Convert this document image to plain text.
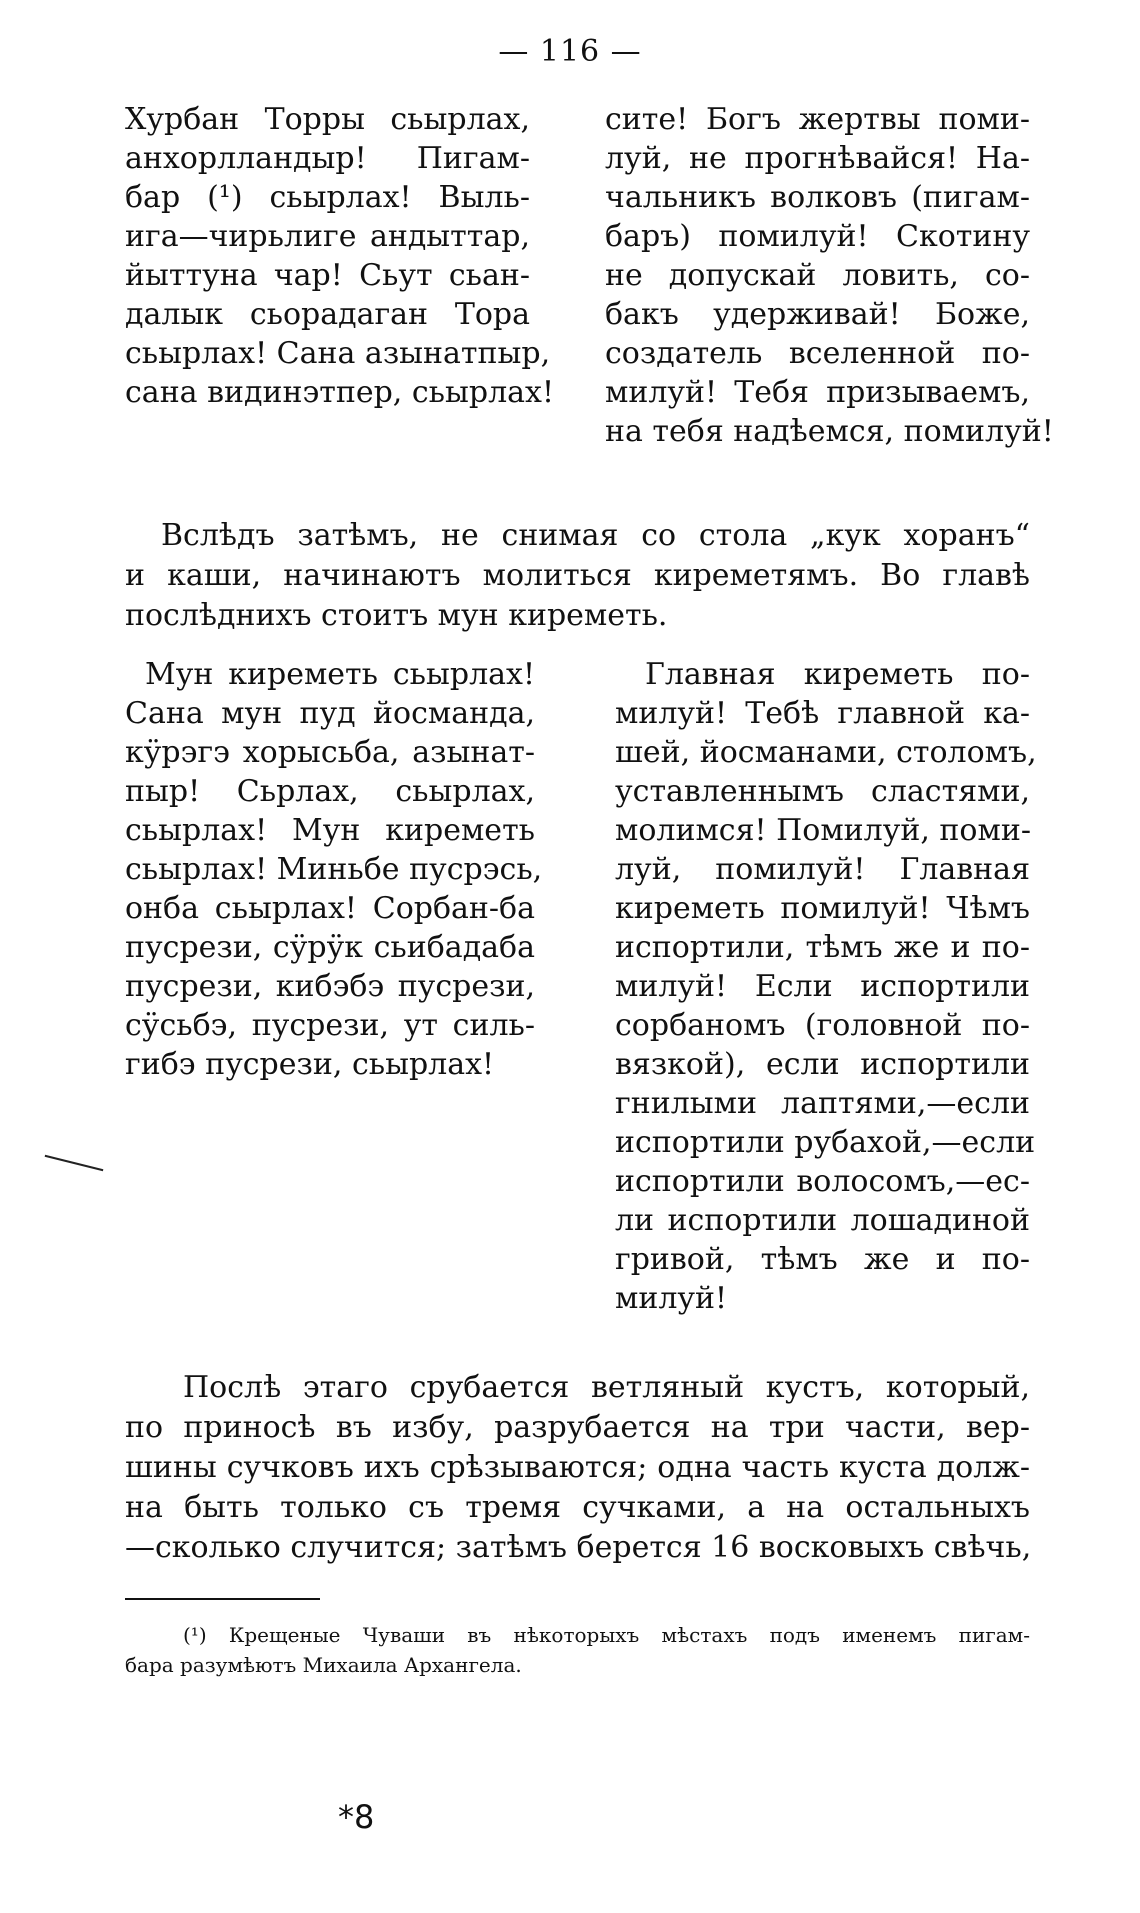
— 116 —
Хурбан Торры сьырлах,
анхорлландыр! Пигам-
бар (¹) сьырлах! Выль-
ига—чирьлиге андыттар,
йыттуна чар! Сьут сьан-
далык сьорадаган Тора
сьырлах! Сана азынатпыр,
сана видинэтпер, сьырлах!
сите! Богъ жертвы поми-
луй, не прогнѣвайся! На-
чальникъ волковъ (пигам-
баръ) помилуй! Скотину
не допускай ловить, со-
бакъ удерживай! Боже,
создатель вселенной по-
милуй! Тебя призываемъ,
на тебя надѣемся, помилуй!
Вслѣдъ затѣмъ, не снимая со стола „кук хоранъ“
и каши, начинаютъ молиться киреметямъ. Во главѣ
послѣднихъ стоитъ мун киреметь.
Мун киреметь сьырлах!
Сана мун пуд йосманда,
кӱрэгэ хорысьба, азынат-
пыр! Сьрлах, сьырлах,
сьырлах! Мун киреметь
сьырлах! Миньбе пусрэсь,
онба сьырлах! Сорбан-ба
пусрези, сӱрӱк сьибадаба
пусрези, кибэбэ пусрези,
сӱсьбэ, пусрези, ут силь-
гибэ пусрези, сьырлах!
Главная киреметь по-
милуй! Тебѣ главной ка-
шей, йосманами, столомъ,
уставленнымъ сластями,
молимся! Помилуй, поми-
луй, помилуй! Главная
киреметь помилуй! Чѣмъ
испортили, тѣмъ же и по-
милуй! Если испортили
сорбаномъ (головной по-
вязкой), если испортили
гнилыми лаптями,—если
испортили рубахой,—если
испортили волосомъ,—ес-
ли испортили лошадиной
гривой, тѣмъ же и по-
милуй!
Послѣ этаго срубается ветляный кустъ, который,
по приносѣ въ избу, разрубается на три части, вер-
шины сучковъ ихъ срѣзываются; одна часть куста долж-
на быть только съ тремя сучками, а на остальныхъ
—сколько случится; затѣмъ берется 16 восковыхъ свѣчь,
(¹) Крещеные Чуваши въ нѣкоторыхъ мѣстахъ подъ именемъ пигам-
бара разумѣютъ Михаила Архангела.
*8
